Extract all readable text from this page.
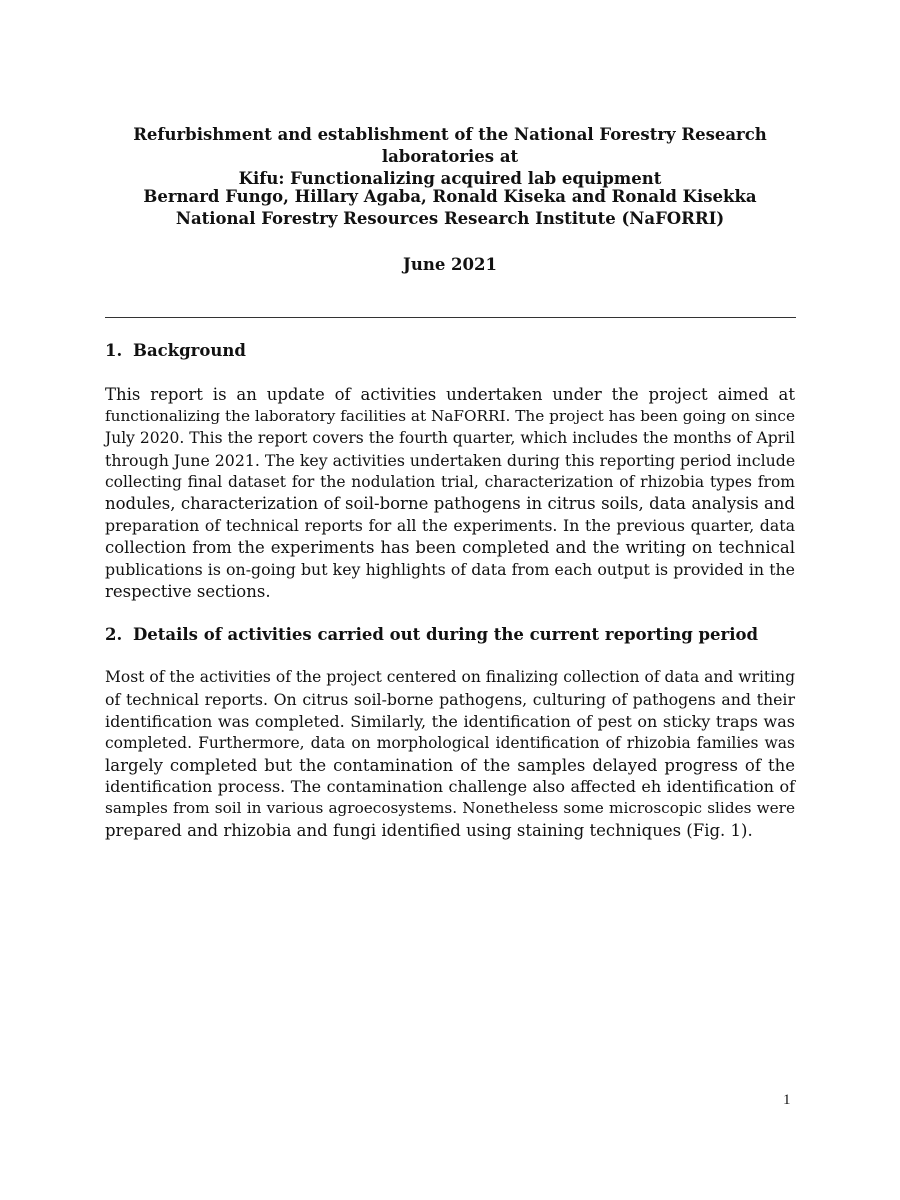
Refurbishment and establishment of the National Forestry Research laboratories at
Kifu: Functionalizing acquired lab equipment
Bernard Fungo, Hillary Agaba, Ronald Kiseka and Ronald Kisekka
National Forestry Resources Research Institute (NaFORRI)
June 2021
1. Background
This report is an update of activities undertaken under the project aimed at
functionalizing the laboratory facilities at NaFORRI. The project has been going on since
July 2020. This the report covers the fourth quarter, which includes the months of April
through June 2021. The key activities undertaken during this reporting period include
collecting final dataset for the nodulation trial, characterization of rhizobia types from
nodules, characterization of soil-borne pathogens in citrus soils, data analysis and
preparation of technical reports for all the experiments. In the previous quarter, data
collection from the experiments has been completed and the writing on technical
publications is on-going but key highlights of data from each output is provided in the
respective sections.
2. Details of activities carried out during the current reporting period
Most of the activities of the project centered on finalizing collection of data and writing
of technical reports. On citrus soil-borne pathogens, culturing of pathogens and their
identification was completed. Similarly, the identification of pest on sticky traps was
completed. Furthermore, data on morphological identification of rhizobia families was
largely completed but the contamination of the samples delayed progress of the
identification process. The contamination challenge also affected eh identification of
samples from soil in various agroecosystems. Nonetheless some microscopic slides were
prepared and rhizobia and fungi identified using staining techniques (Fig. 1).
1
